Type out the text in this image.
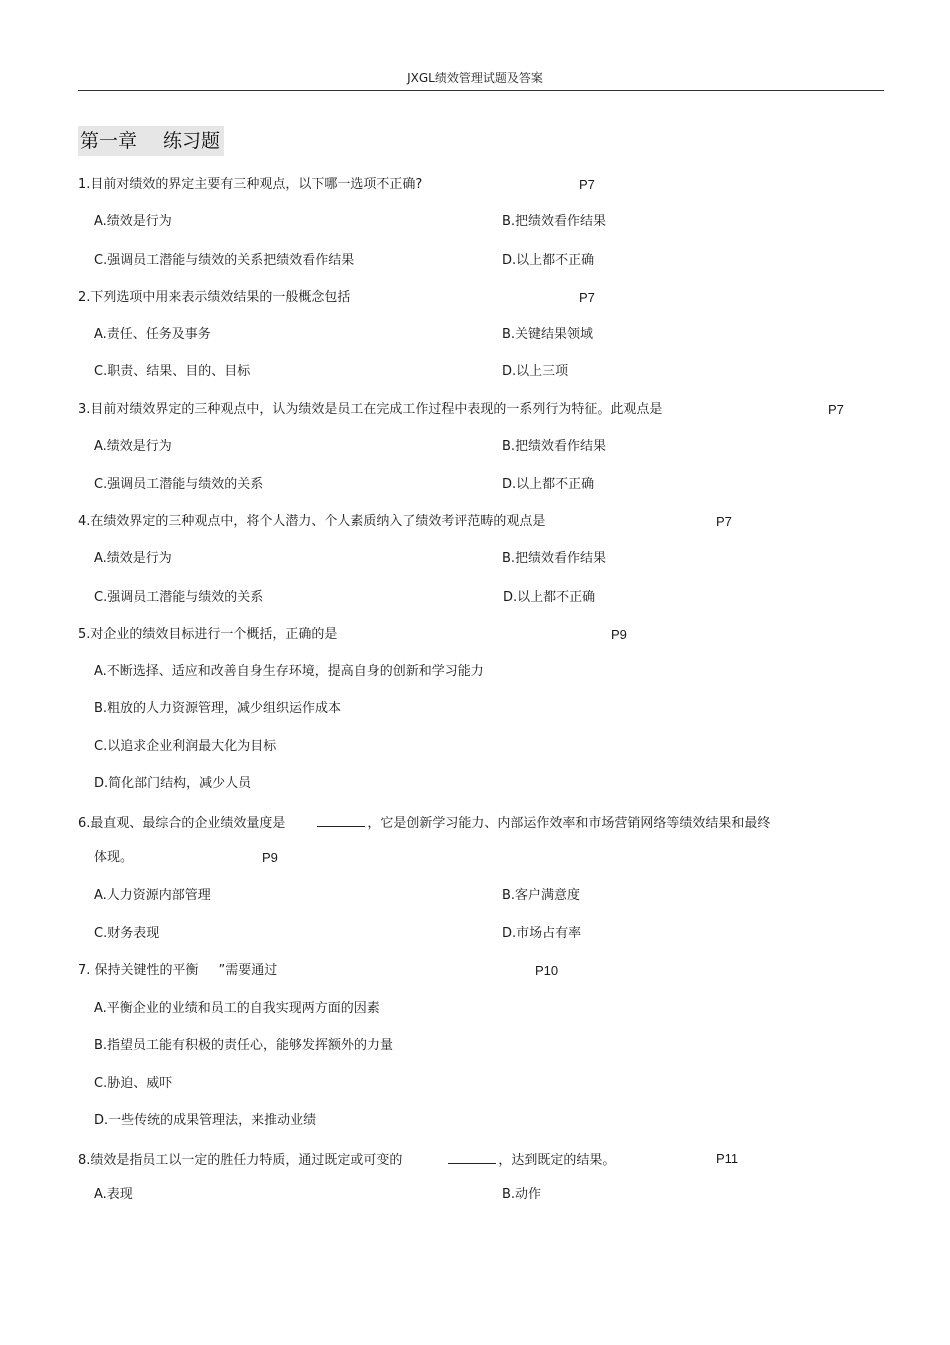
JXGL绩效管理试题及答案
第一章 练习题
1.目前对绩效的界定主要有三种观点，以下哪一选项不正确?	P7
A.绩效是行为	B.把绩效看作结果
C.强调员工潜能与绩效的关系把绩效看作结果	D.以上都不正确
2.下列选项中用来表示绩效结果的一般概念包括	P7
A.责任、任务及事务	B.关键结果领域
C.职责、结果、目的、目标	D.以上三项
3.目前对绩效界定的三种观点中，认为绩效是员工在完成工作过程中表现的一系列行为特征。此观点是	P7
A.绩效是行为	B.把绩效看作结果
C.强调员工潜能与绩效的关系	D.以上都不正确
4.在绩效界定的三种观点中，将个人潜力、个人素质纳入了绩效考评范畴的观点是	P7
A.绩效是行为	B.把绩效看作结果
C.强调员工潜能与绩效的关系	D.以上都不正确
5.对企业的绩效目标进行一个概括，正确的是	P9
A.不断选择、适应和改善自身生存环境，提高自身的创新和学习能力
B.粗放的人力资源管理，减少组织运作成本
C.以追求企业利润最大化为目标
D.简化部门结构，减少人员
6.最直观、最综合的企业绩效量度是	，它是创新学习能力、内部运作效率和市场营销网络等绩效结果和最终
体现。	P9
A.人力资源内部管理	B.客户满意度
C.财务表现	D.市场占有率
7. 保持关键性的平衡 ”需要通过	P10
A.平衡企业的业绩和员工的自我实现两方面的因素
B.指望员工能有积极的责任心，能够发挥额外的力量
C.胁迫、威吓
D.一些传统的成果管理法，来推动业绩
8.绩效是指员工以一定的胜任力特质，通过既定或可变的	，达到既定的结果。	P11
A.表现	B.动作
